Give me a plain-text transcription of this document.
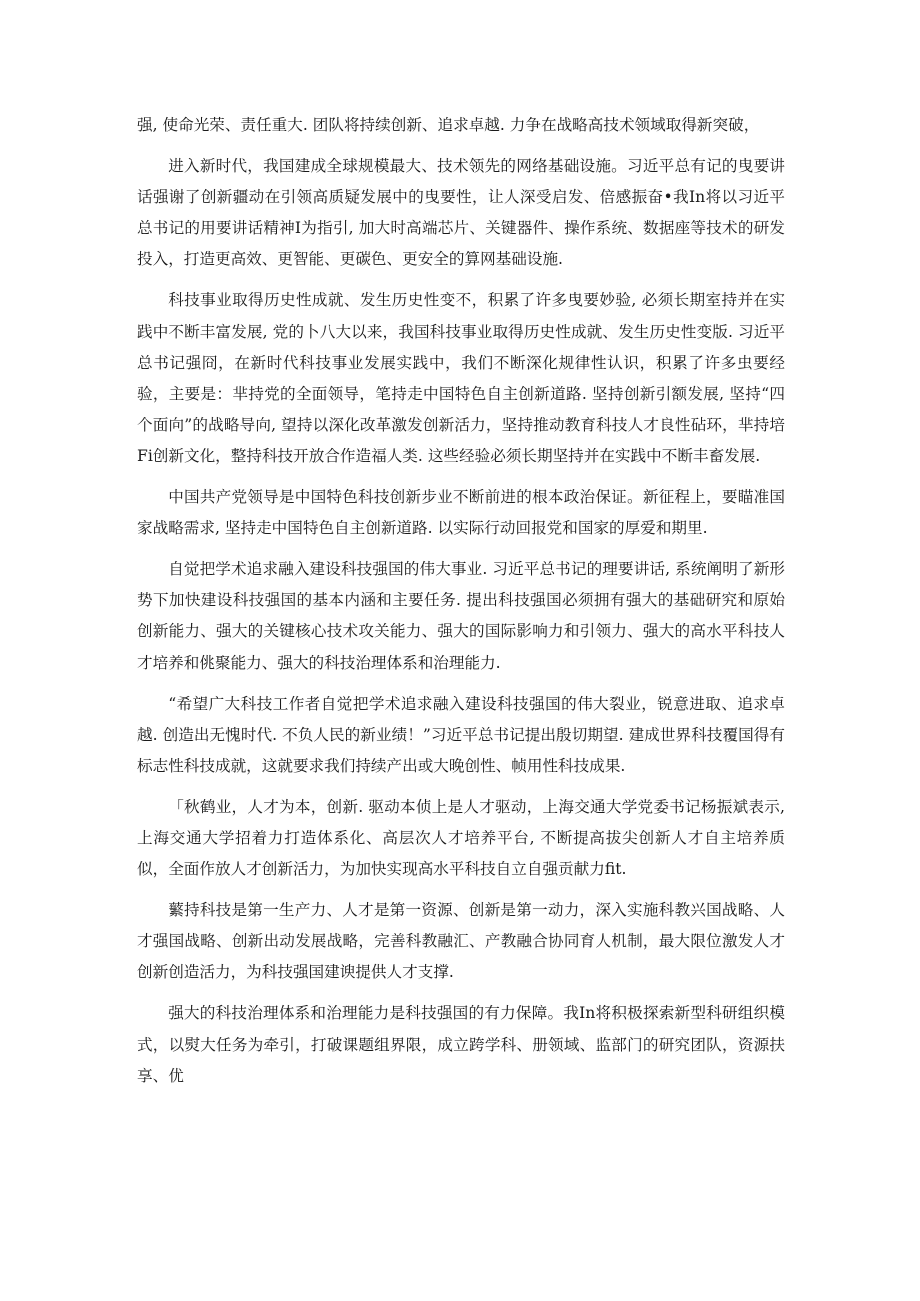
强, 使命光荣、责任重大. 团队将持续创新、追求卓越. 力争在战略高技术领域取得新突破，

进入新时代，我国建成全球规模最大、技术领先的网络基础设施。习近平总有记的曳要讲话强谢了创新疆动在引领高质疑发展中的曳要性，让人深受启发、倍感振奋•我In将以习近平总书记的用要讲话精神I为指引, 加大时高端芯片、关键器件、操作系统、数据座等技术的研发投入，打造更高效、更智能、更碳色、更安全的算网基础设施.

科技事业取得历史性成就、发生历史性变不，积累了许多曳要妙验, 必须长期室持并在实践中不断丰富发展, 党的卜八大以来，我国科技事业取得历史性成就、发生历史性变版. 习近平总书记强冏，在新时代科技事业发展实践中，我们不断深化规律性认识，积累了许多虫要经验，主要是：芈持党的全面领导，笔持走中国特色自主创新道路. 坚持创新引额发展, 坚持“四个面向”的战略导向, 望持以深化改革激发创新活力，坚持推动教育科技人才良性砧环，芈持培Fi创新文化，整持科技开放合作造福人类. 这些经验必须长期坚持并在实践中不断丰畜发展.

中国共产党领导是中国特色科技创新步业不断前进的根本政治保证。新征程上，要瞄准国家战略需求, 坚持走中国特色自主创新道路. 以实际行动回报党和国家的厚爱和期里.

自觉把学术追求融入建设科技强国的伟大事业. 习近平总书记的理要讲话, 系统阐明了新形势下加快建设科技强国的基本内涵和主要任务. 提出科技强国必须拥有强大的基础研究和原始创新能力、强大的关键核心技术攻关能力、强大的国际影响力和引领力、强大的高水平科技人才培养和佻聚能力、强大的科技治理体系和治理能力.

“希望广大科技工作者自觉把学术追求融入建设科技强国的伟大裂业，锐意进取、追求卓越. 创造出无愧时代. 不负人民的新业绩！”习近平总书记提出殷切期望. 建成世界科技覆国得有标志性科技成就，这就要求我们持续产出或大晚创性、帧用性科技成果.

「秋鹤业，人才为本，创新. 驱动本侦上是人才驱动，上海交通大学党委书记杨振斌表示, 上海交通大学招着力打造体系化、高层次人才培养平台, 不断提高拔尖创新人才自主培养质似，全面作放人才创新活力，为加快实现高水平科技自立自强贡献力fit.

蘩持科技是第一生产力、人才是第一资源、创新是第一动力，深入实施科教兴国战略、人才强国战略、创新出动发展战略，完善科教融汇、产教融合协同育人机制，最大限位激发人才创新创造活力，为科技强国建谀提供人才支撑.

强大的科技治理体系和治理能力是科技强国的有力保障。我In将积极探索新型科研组织模式，以熨大任务为牵引，打破课题组界限，成立跨学科、册领域、监部门的研究团队，资源扶享、优
